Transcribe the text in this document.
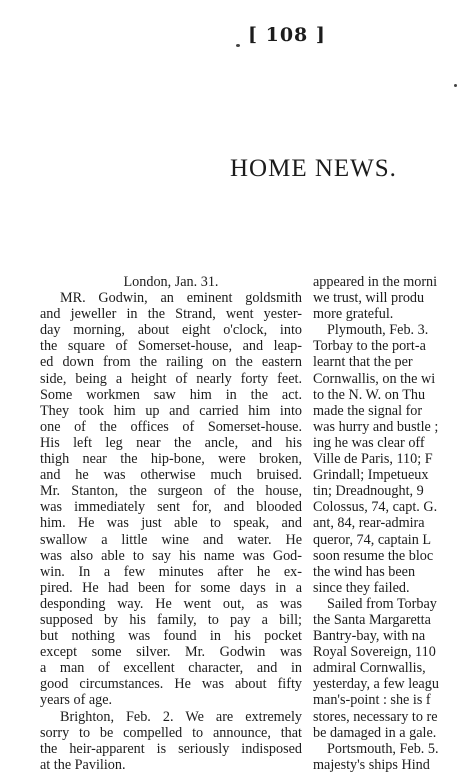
[ 108 ]
HOME NEWS.
London, Jan. 31.
MR. Godwin, an eminent goldsmith
and jeweller in the Strand, went yester-
day morning, about eight o'clock, into
the square of Somerset-house, and leap-
ed down from the railing on the eastern
side, being a height of nearly forty feet.
Some workmen saw him in the act.
They took him up and carried him into
one of the offices of Somerset-house.
His left leg near the ancle, and his
thigh near the hip-bone, were broken,
and he was otherwise much bruised.
Mr. Stanton, the surgeon of the house,
was immediately sent for, and blooded
him. He was just able to speak, and
swallow a little wine and water. He
was also able to say his name was God-
win. In a few minutes after he ex-
pired. He had been for some days in a
desponding way. He went out, as was
supposed by his family, to pay a bill;
but nothing was found in his pocket
except some silver. Mr. Godwin was
a man of excellent character, and in
good circumstances. He was about fifty
years of age.
Brighton, Feb. 2. We are extremely
sorry to be compelled to announce, that
the heir-apparent is seriously indisposed
at the Pavilion.
appeared in the morni
we trust, will produ
more grateful.
Plymouth, Feb. 3.
Torbay to the port-a
learnt that the per
Cornwallis, on the wi
to the N. W. on Thu
made the signal for
was hurry and bustle ;
ing he was clear off
Ville de Paris, 110; F
Grindall; Impetueux
tin; Dreadnought, 9
Colossus, 74, capt. G.
ant, 84, rear-admira
queror, 74, captain L
soon resume the bloc
the wind has been
since they failed.
Sailed from Torbay
the Santa Margaretta
Bantry-bay, with na
Royal Sovereign, 110
admiral Cornwallis,
yesterday, a few leagu
man's-point : she is f
stores, necessary to re
be damaged in a gale.
Portsmouth, Feb. 5.
majesty's ships Hind
